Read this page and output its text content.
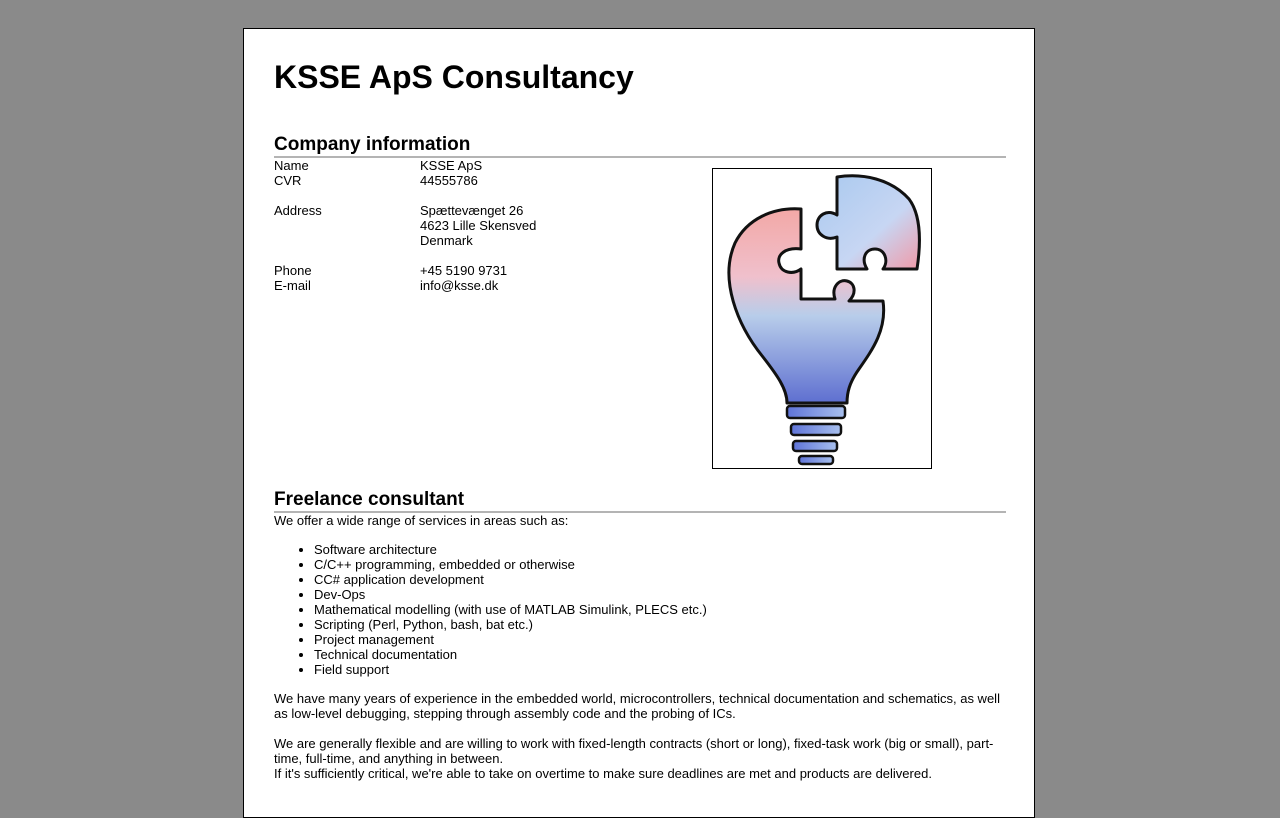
KSSE ApS Consultancy
Company information
Name	KSSE ApS
CVR	44555786
Address	Spættevænget 26
4623 Lille Skensved
Denmark
Phone	+45 5190 9731
E-mail	info@ksse.dk
Freelance consultant
We offer a wide range of services in areas such as:
• Software architecture
• C/C++ programming, embedded or otherwise
• CC# application development
• Dev-Ops
• Mathematical modelling (with use of MATLAB Simulink, PLECS etc.)
• Scripting (Perl, Python, bash, bat etc.)
• Project management
• Technical documentation
• Field support

We have many years of experience in the embedded world, microcontrollers, technical documentation and schematics, as well as low-level debugging, stepping through assembly code and the probing of ICs.

We are generally flexible and are willing to work with fixed-length contracts (short or long), fixed-task work (big or small), part-time, full-time, and anything in between.

If it's sufficiently critical, we're able to take on overtime to make sure deadlines are met and products are delivered.
